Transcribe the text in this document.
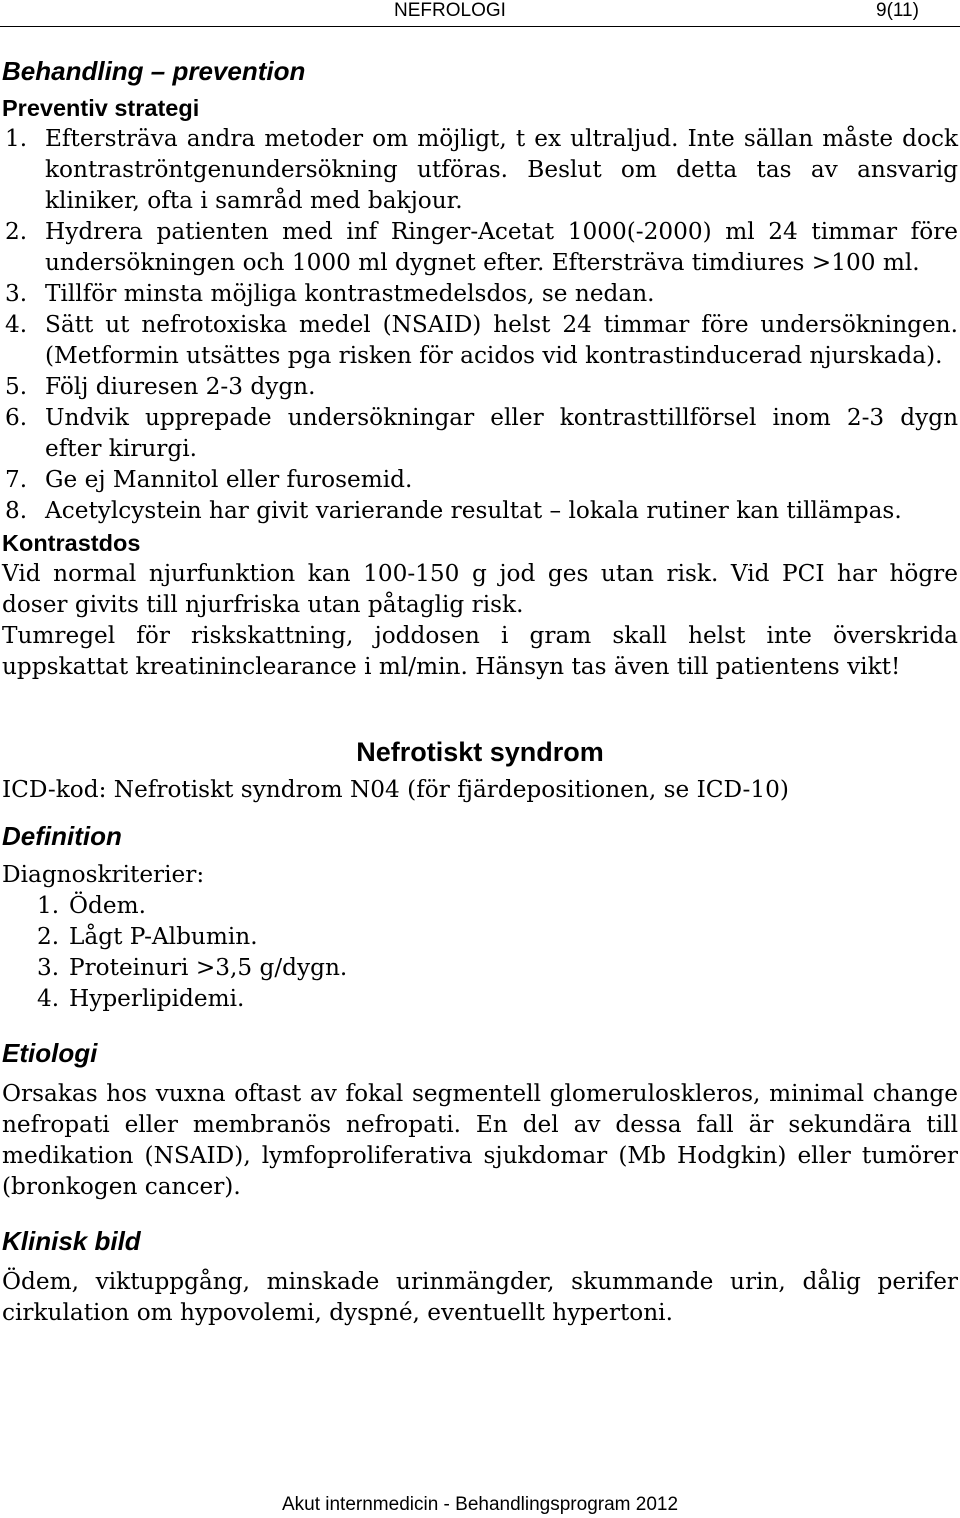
NEFROLOGI	9(11)
Behandling – prevention
Preventiv strategi
1. Eftersträva andra metoder om möjligt, t ex ultraljud. Inte sällan måste dock kontraströntgenundersökning utföras. Beslut om detta tas av ansvarig kliniker, ofta i samråd med bakjour.
2. Hydrera patienten med inf Ringer-Acetat 1000(-2000) ml 24 timmar före undersökningen och 1000 ml dygnet efter. Eftersträva timdiures >100 ml.
3. Tillför minsta möjliga kontrastmedelsdos, se nedan.
4. Sätt ut nefrotoxiska medel (NSAID) helst 24 timmar före undersökningen. (Metformin utsättes pga risken för acidos vid kontrastinducerad njurskada).
5. Följ diuresen 2-3 dygn.
6. Undvik upprepade undersökningar eller kontrasttillförsel inom 2-3 dygn efter kirurgi.
7. Ge ej Mannitol eller furosemid.
8. Acetylcystein har givit varierande resultat – lokala rutiner kan tillämpas.
Kontrastdos

Vid normal njurfunktion kan 100-150 g jod ges utan risk. Vid PCI har högre doser givits till njurfriska utan påtaglig risk.

Tumregel för riskskattning, joddosen i gram skall helst inte överskrida uppskattat kreatininclearance i ml/min. Hänsyn tas även till patientens vikt!

Nefrotiskt syndrom

ICD-kod: Nefrotiskt syndrom N04 (för fjärdepositionen, se ICD-10)

Definition

Diagnoskriterier:

1. Ödem.
2. Lågt P-Albumin.
3. Proteinuri >3,5 g/dygn.
4. Hyperlipidemi.
Etiologi

Orsakas hos vuxna oftast av fokal segmentell glomeruloskleros, minimal change nefropati eller membranös nefropati. En del av dessa fall är sekundära till medikation (NSAID), lymfoproliferativa sjukdomar (Mb Hodgkin) eller tumörer (bronkogen cancer).

Klinisk bild

Ödem, viktuppgång, minskade urinmängder, skummande urin, dålig perifer cirkulation om hypovolemi, dyspné, eventuellt hypertoni.

Akut internmedicin - Behandlingsprogram 2012
